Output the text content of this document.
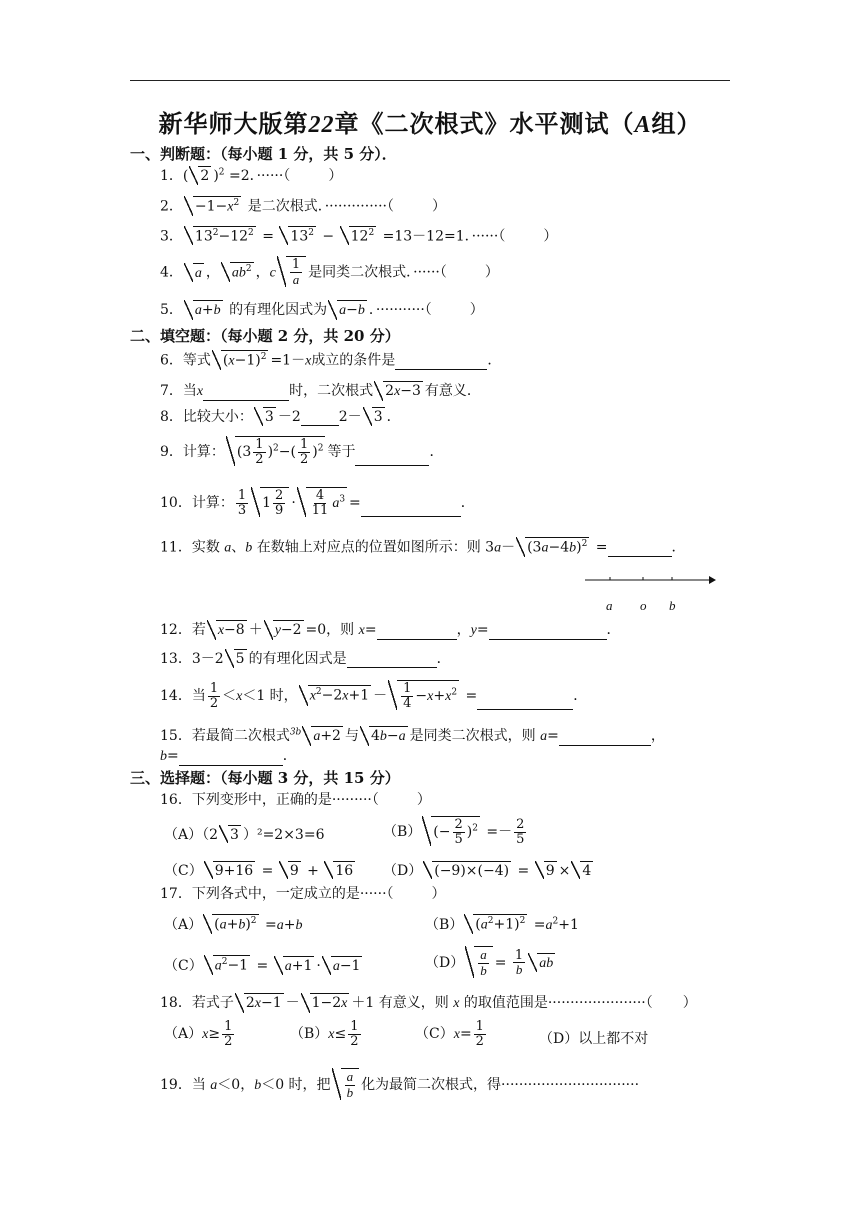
新华师大版第22章《二次根式》水平测试（A组）
一、判断题：（每小题 1 分，共 5 分）．
1．( 2 )$^2$ =2．······（	）
2． $-1-x^2$ 是二次根式．··············（	）
3． $13^2-12^2 = 13^2 - 12^2 =13-12=1$．······（	）
4． a ， $ab^2$ ，c $\frac{1}{a}$ 是同类二次根式．······（	）
5． a+b 的有理化因式为 a−b ．···········（	）
二、填空题：（每小题 2 分，共 20 分）
6．等式 $(x-1)^2 =1-x$成立的条件是	．
7．当x	时，二次根式 2x−3 有意义．
8．比较大小： 3 －2	2－ 3 ．
9．计算： $(3 \frac{1}{2} )^2-( \frac{1}{2} )^2$ 等于	．
10．计算： $\frac{1}{3} 1 \frac{2}{9} \cdot \frac{4}{11} a^3$ =	．
11．实数 a、b 在数轴上对应点的位置如图所示：则 $3a- (3a-4b)^2$ =	．
a o b
12．若 x−8 ＋ y−2 =0，则 x=	，y=	．
13．3－2 5 的有理化因式是	．
14．当 $\frac{1}{2} <x<1$ 时， $x^2-2x+1 - \frac{1}{4} -x+x^2$ =	．
15．若最简二次根式$^{3b}$ a+2 与 4b−a 是同类二次根式，则 a=	，
b=	．
三、选择题：（每小题 3 分，共 15 分）
16．下列变形中，正确的是·········（	）
（A）（2 3 ）²=2×3=6	（B） (− $\frac{2}{5} )^2 =- \frac{2}{5}$
（C） 9+16 = 9 + 16 （D） (−9)×(−4) = 9 × 4
17．下列各式中，一定成立的是······（	）
（A） $(a+b)^2 =a+b$	（B） $(a^2+1)^2 =a^2+1$
（C） $a^2-1 = a+1 \cdot a-1$	$(D) \frac{a}{b} = \frac{1}{b}$ ab
18．若式子 2x−1 － 1−2x ＋1 有意义，则 x 的取值范围是······················（ ）
$(A)x\ge \frac{1}{2}$	$(B)x\le \frac{1}{2}$	$(C)x= \frac{1}{2}$	（D）以上都不对
19．当 a＜0，b＜0 时，把 $\frac{a}{b}$ 化为最简二次根式，得·······························
